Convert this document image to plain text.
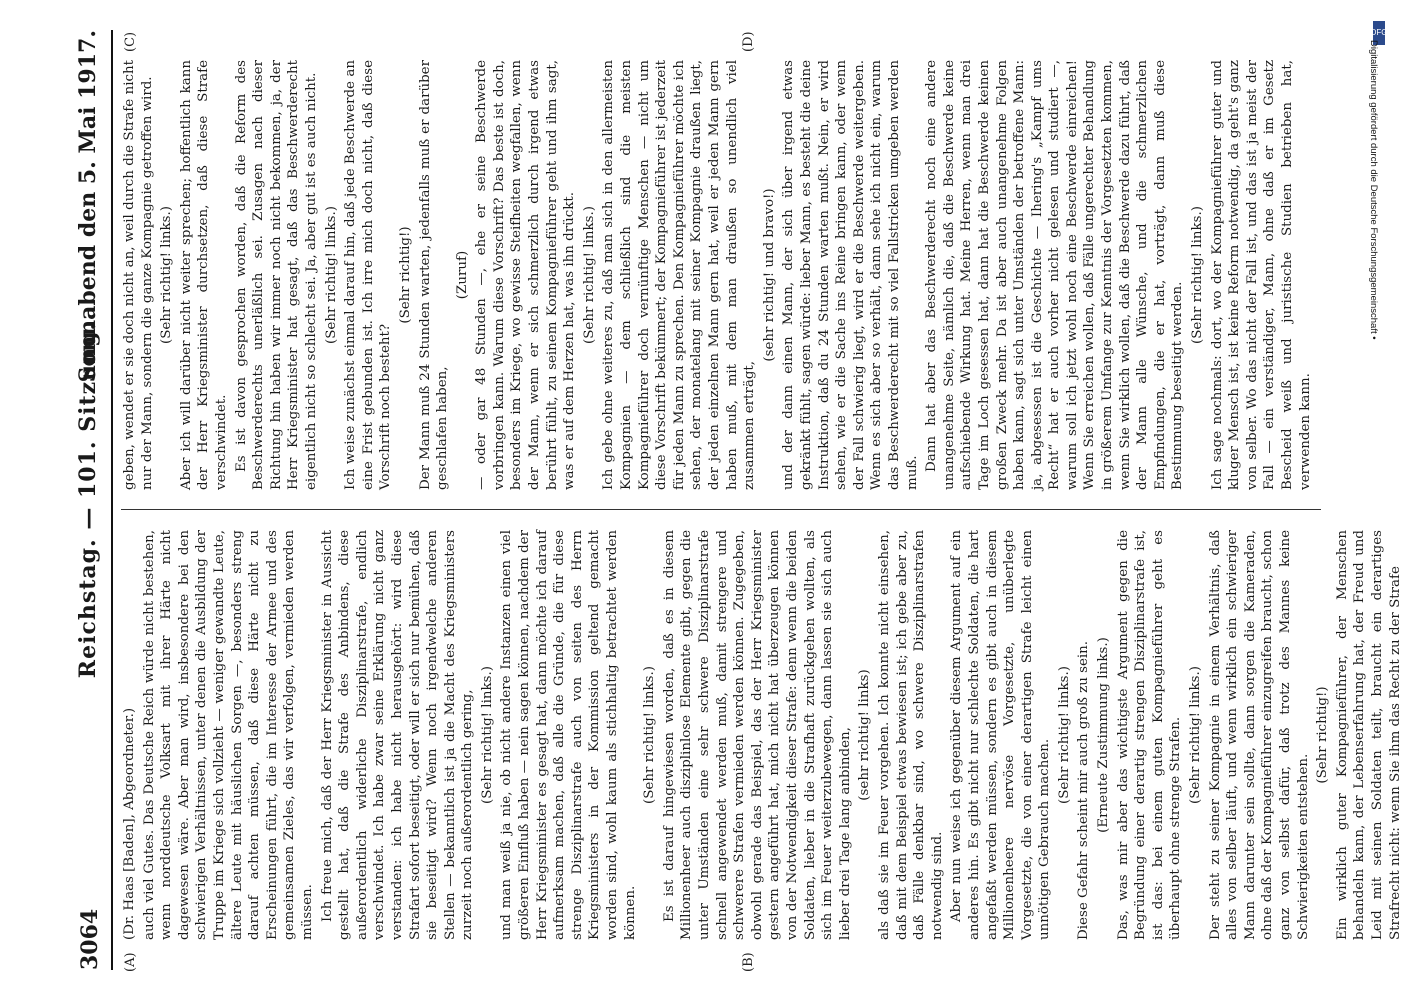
3064
Reichstag. — 101. Sitzung.
Sonnabend den 5. Mai 1917.
(A)	(B)
(C)	(D)

(Dr. Haas [Baden], Abgeordneter.) auch viel Gutes. Das Deutsche Reich würde nicht bestehen, wenn norddeutsche Volksart mit ihrer Härte nicht dagewesen wäre. Aber man wird, insbesondere bei den schwierigen Verhältnissen, unter denen die Ausbildung der Truppe im Kriege sich vollzieht — weniger gewandte Leute, ältere Leute mit häuslichen Sorgen —, besonders streng darauf achten müssen, daß diese Härte nicht zu Erscheinungen führt, die im Interesse der Armee und des gemeinsamen Zieles, das wir verfolgen, vermieden werden müssen. Ich freue mich, daß der Herr Kriegsminister in Aussicht gestellt hat, daß die Strafe des Anbindens, diese außerordentlich widerliche Disziplinarstrafe, endlich verschwindet. Ich habe zwar seine Erklärung nicht ganz verstanden: ich habe nicht herausgehört: wird diese Strafart sofort beseitigt, oder will er sich nur bemühen, daß sie beseitigt wird? Wenn noch irgendwelche anderen Stellen — bekanntlich ist ja die Macht des Kriegsministers zurzeit noch außerordentlich gering, (Sehr richtig! links.) und man weiß ja nie, ob nicht andere Instanzen einen viel größeren Einfluß haben — nein sagen können, nachdem der Herr Kriegsminister es gesagt hat, dann möchte ich darauf aufmerksam machen, daß alle die Gründe, die für diese strenge Disziplinarstrafe auch von seiten des Herrn Kriegsministers in der Kommission geltend gemacht worden sind, wohl kaum als stichhaltig betrachtet werden können.

(Sehr richtig! links.) Es ist darauf hingewiesen worden, daß es in diesem Millionenheer auch disziplinlose Elemente gibt, gegen die unter Umständen eine sehr schwere Disziplinarstrafe schnell angewendet werden muß, damit strengere und schwerere Strafen vermieden werden können. Zugegeben, obwohl gerade das Beispiel, das der Herr Kriegsminister gestern angeführt hat, mich nicht hat überzeugen können von der Notwendigkeit dieser Strafe: denn wenn die beiden Soldaten, lieber in die Strafhaft zurückgehen wollten, als sich im Feuer weiterzubewegen, dann lassen sie sich auch lieber drei Tage lang anbinden, (sehr richtig! links) als daß sie im Feuer vorgehen. Ich konnte nicht einsehen, daß mit dem Beispiel etwas bewiesen ist; ich gebe aber zu, daß Fälle denkbar sind, wo schwere Disziplinarstrafen notwendig sind. Aber nun weise ich gegenüber diesem Argument auf ein anderes hin. Es gibt nicht nur schlechte Soldaten, die hart angefaßt werden müssen, sondern es gibt auch in diesem Millionenheere nervöse Vorgesetzte, unüberlegte Vorgesetzte, die von einer derartigen Strafe leicht einen unnötigen Gebrauch machen.

(Sehr richtig! links.) Diese Gefahr scheint mir auch groß zu sein. (Erneute Zustimmung links.) Das, was mir aber das wichtigste Argument gegen die Begründung einer derartig strengen Disziplinarstrafe ist, ist das: bei einem guten Kompagnieführer geht es überhaupt ohne strenge Strafen. (Sehr richtig! links.) Der steht zu seiner Kompagnie in einem Verhältnis, daß alles von selber läuft, und wenn wirklich ein schwieriger Mann darunter sein sollte, dann sorgen die Kameraden, ohne daß der Kompagnieführer einzugreifen braucht, schon ganz von selbst dafür, daß trotz des Mannes keine Schwierigkeiten entstehen.

(Sehr richtig!) Ein wirklich guter Kompagnieführer, der Menschen behandeln kann, der Lebenserfahrung hat, der Freud und Leid mit seinen Soldaten teilt, braucht ein derartiges Strafrecht nicht: wenn Sie ihm das Recht zu der Strafe

geben, wendet er sie doch nicht an, weil durch die Strafe nicht nur der Mann, sondern die ganze Kompagnie getroffen wird. (Sehr richtig! links.) Aber ich will darüber nicht weiter sprechen; hoffentlich kann der Herr Kriegsminister durchsetzen, daß diese Strafe verschwindet. Es ist davon gesprochen worden, daß die Reform des Beschwerderechts unerläßlich sei. Zusagen nach dieser Richtung hin haben wir immer noch nicht bekommen, ja, der Herr Kriegsminister hat gesagt, daß das Beschwerderecht eigentlich nicht so schlecht sei. Ja, aber gut ist es auch nicht. (Sehr richtig! links.) Ich weise zunächst einmal darauf hin, daß jede Beschwerde an eine Frist gebunden ist. Ich irre mich doch nicht, daß diese Vorschrift noch besteht?

(Sehr richtig!) Der Mann muß 24 Stunden warten, jedenfalls muß er darüber geschlafen haben,

(Zuruf) — oder gar 48 Stunden —, ehe er seine Beschwerde vorbringen kann. Warum diese Vorschrift? Das beste ist doch, besonders im Kriege, wo gewisse Steifheiten wegfallen, wenn der Mann, wenn er sich schmerzlich durch irgend etwas berührt fühlt, zu seinem Kompagnieführer geht und ihm sagt, was er auf dem Herzen hat, was ihn drückt. (Sehr richtig! links.) Ich gebe ohne weiteres zu, daß man sich in den allermeisten Kompagnien — dem schließlich sind die meisten Kompagnieführer doch vernünftige Menschen — nicht um diese Vorschrift bekümmert; der Kompagnieführer ist jederzeit für jeden Mann zu sprechen. Den Kompagnieführer möchte ich sehen, der monatelang mit seiner Kompagnie draußen liegt, der jeden einzelnen Mann gern hat, weil er jeden Mann gern haben muß, mit dem man draußen so unendlich viel zusammen erträgt,

(sehr richtig! und bravo!) und der dann einen Mann, der sich über irgend etwas gekränkt fühlt, sagen würde: lieber Mann, es besteht die deine Instruktion, daß du 24 Stunden warten mußt. Nein, er wird sehen, wie er die Sache ins Reine bringen kann, oder wenn der Fall schwierig liegt, wird er die Beschwerde weitergeben. Wenn es sich aber so verhält, dann sehe ich nicht ein, warum das Beschwerderecht mit so viel Fallstricken umgeben werden muß.

Dann hat aber das Beschwerderecht noch eine andere unangenehme Seite, nämlich die, daß die Beschwerde keine aufschiebende Wirkung hat. Meine Herren, wenn man drei Tage im Loch gesessen hat, dann hat die Beschwerde keinen großen Zweck mehr. Da ist aber auch unangenehme Folgen haben kann, sagt sich unter Umständen der betroffene Mann: ja, abgesessen ist die Geschichte — Ihering's „Kampf ums Recht“ hat er auch vorher nicht gelesen und studiert —, warum soll ich jetzt wohl noch eine Beschwerde einreichen! Wenn Sie erreichen wollen, daß Fälle ungerechter Behandlung in größerem Umfange zur Kenntnis der Vorgesetzten kommen, wenn Sie wirklich wollen, daß die Beschwerde dazu führt, daß der Mann alle Wünsche, und die schmerzlichen Empfindungen, die er hat, vorträgt, dann muß diese Bestimmung beseitigt werden.

(Sehr richtig! links.) Ich sage nochmals: dort, wo der Kompagnieführer guter und kluger Mensch ist, ist keine Reform notwendig, da geht's ganz von selber. Wo das nicht der Fall ist, und das ist ja meist der Fall — ein verständiger, Mann, ohne daß er im Gesetz Bescheid weiß und juristische Studien betrieben hat, verwenden kann.

DFG
Digitalisierung gefördert durch die Deutsche Forschungsgemeinschaft •
